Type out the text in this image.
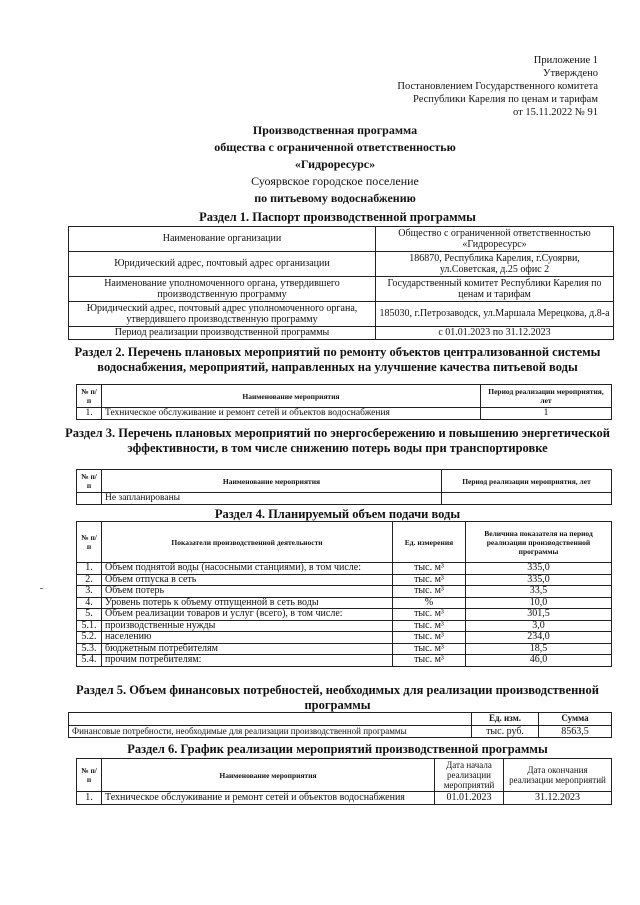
Приложение 1
Утверждено
Постановлением Государственного комитета
Республики Карелия по ценам и тарифам
от 15.11.2022 № 91
Производственная программа
общества с ограниченной ответственностью
«Гидроресурс»
Суоярвское городское поселение
по питьевому водоснабжению
Раздел 1. Паспорт производственной программы
Наименование организации	Общество с ограниченной ответственностью «Гидроресурс»
Юридический адрес, почтовый адрес организации	186870, Республика Карелия, г.Суоярви, ул.Советская, д.25 офис 2
Наименование уполномоченного органа, утвердившего производственную программу	Государственный комитет Республики Карелия по ценам и тарифам
Юридический адрес, почтовый адрес уполномоченного органа, утвердившего производственную программу	185030, г.Петрозаводск, ул.Маршала Мерецкова, д.8-а
Период реализации производственной программы	с 01.01.2023 по 31.12.2023
Раздел 2. Перечень плановых мероприятий по ремонту объектов централизованной системы водоснабжения, мероприятий, направленных на улучшение качества питьевой воды
№ п/п	Наименование мероприятия	Период реализации мероприятия, лет
1.	Техническое обслуживание и ремонт сетей и объектов водоснабжения	1
Раздел 3. Перечень плановых мероприятий по энергосбережению и повышению энергетической эффективности, в том числе снижению потерь воды при транспортировке
№ п/п	Наименование мероприятия	Период реализации мероприятия, лет
	Не запланированы	
Раздел 4. Планируемый объем подачи воды
№ п/п	Показатели производственной деятельности	Ед. измерения	Величина показателя на период реализации производственной программы
1.	Объем поднятой воды (насосными станциями), в том числе:	тыс. м³	335,0
2.	Объем отпуска в сеть	тыс. м³	335,0
3.	Объем потерь	тыс. м³	33,5
4.	Уровень потерь к объему отпущенной в сеть воды	%	10,0
5.	Объем реализации товаров и услуг (всего), в том числе:	тыс. м³	301,5
5.1.	производственные нужды	тыс. м³	3,0
5.2.	населению	тыс. м³	234,0
5.3.	бюджетным потребителям	тыс. м³	18,5
5.4.	прочим потребителям:	тыс. м³	46,0
Раздел 5. Объем финансовых потребностей, необходимых для реализации производственной программы
	Ед. изм.	Сумма
Финансовые потребности, необходимые для реализации производственной программы	тыс. руб.	8563,5
Раздел 6. График реализации мероприятий производственной программы
№ п/п	Наименование мероприятия	Дата начала реализации мероприятий	Дата окончания реализации мероприятий
1.	Техническое обслуживание и ремонт сетей и объектов водоснабжения	01.01.2023	31.12.2023
